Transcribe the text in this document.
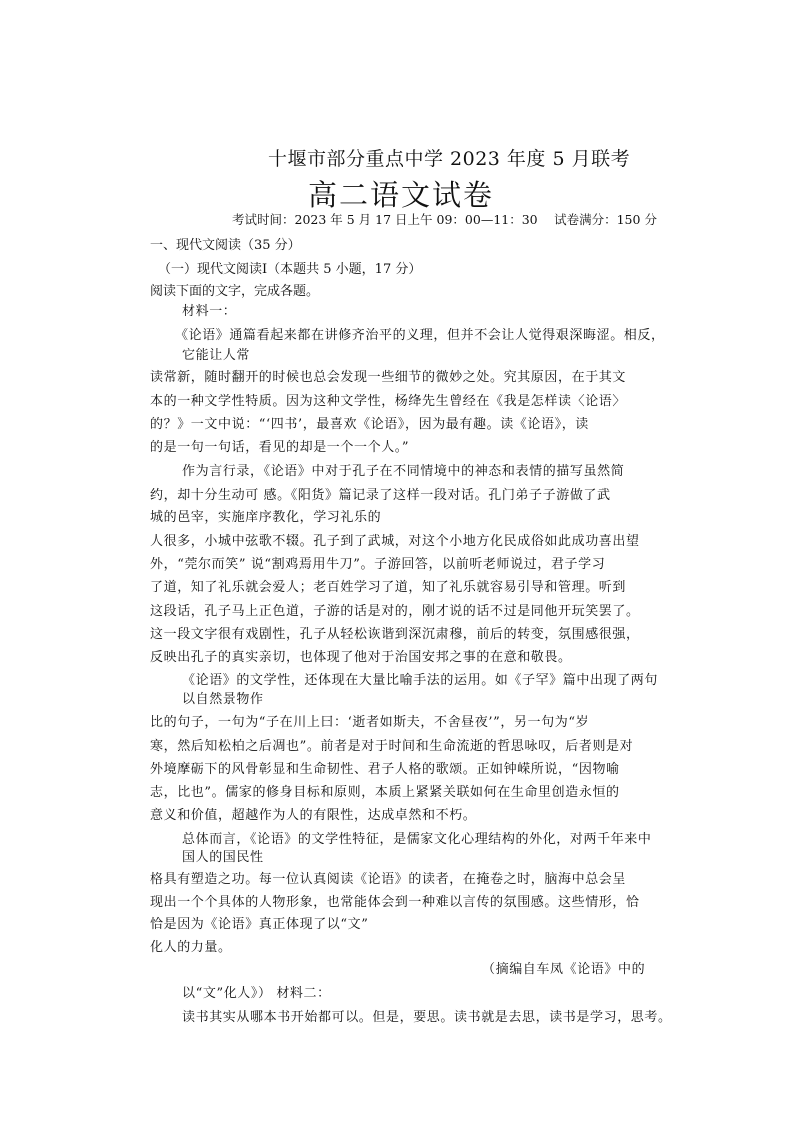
十堰市部分重点中学 2023 年度 5 月联考
高二语文试卷
考试时间：2023 年 5 月 17 日上午 09：00—11：30　 试卷满分：150 分
一、现代文阅读（35 分）
（一）现代文阅读Ⅰ（本题共 5 小题，17 分）
阅读下面的文字，完成各题。
材料一：
《论语》通篇看起来都在讲修齐治平的义理，但并不会让人觉得艰深晦涩。相反，
它能让人常
读常新，随时翻开的时候也总会发现一些细节的微妙之处。究其原因，在于其文
本的一种文学性特质。因为这种文学性，杨绛先生曾经在《我是怎样读〈论语〉
的？》一文中说：“‘四书’，最喜欢《论语》，因为最有趣。读《论语》，读
的是一句一句话，看见的却是一个一个人。”
作为言行录，《论语》中对于孔子在不同情境中的神态和表情的描写虽然简
约，却十分生动可 感。《阳货》篇记录了这样一段对话。孔门弟子子游做了武
城的邑宰，实施庠序教化，学习礼乐的
人很多，小城中弦歌不辍。孔子到了武城，对这个小地方化民成俗如此成功喜出望
外，“莞尔而笑” 说“割鸡焉用牛刀”。子游回答，以前听老师说过，君子学习
了道，知了礼乐就会爱人；老百姓学习了道，知了礼乐就容易引导和管理。听到
这段话，孔子马上正色道，子游的话是对的，刚才说的话不过是同他开玩笑罢了。
这一段文字很有戏剧性，孔子从轻松诙谐到深沉肃穆，前后的转变，氛围感很强，
反映出孔子的真实亲切，也体现了他对于治国安邦之事的在意和敬畏。
《论语》的文学性，还体现在大量比喻手法的运用。如《子罕》篇中出现了两句
以自然景物作
比的句子，一句为“子在川上曰：‘逝者如斯夫，不舍昼夜’”，另一句为“岁
寒，然后知松柏之后凋也”。前者是对于时间和生命流逝的哲思咏叹，后者则是对
外境摩砺下的风骨彰显和生命韧性、君子人格的歌颂。正如钟嵘所说，“因物喻
志，比也”。儒家的修身目标和原则，本质上紧紧关联如何在生命里创造永恒的
意义和价值，超越作为人的有限性，达成卓然和不朽。
总体而言，《论语》的文学性特征，是儒家文化心理结构的外化，对两千年来中
国人的国民性
格具有塑造之功。每一位认真阅读《论语》的读者，在掩卷之时，脑海中总会呈
现出一个个具体的人物形象，也常能体会到一种难以言传的氛围感。这些情形，恰
恰是因为《论语》真正体现了以“文”
化人的力量。
（摘编自车凤《论语》中的
以“文”化人》） 材料二：
读书其实从哪本书开始都可以。但是，要思。读书就是去思，读书是学习，思考。
